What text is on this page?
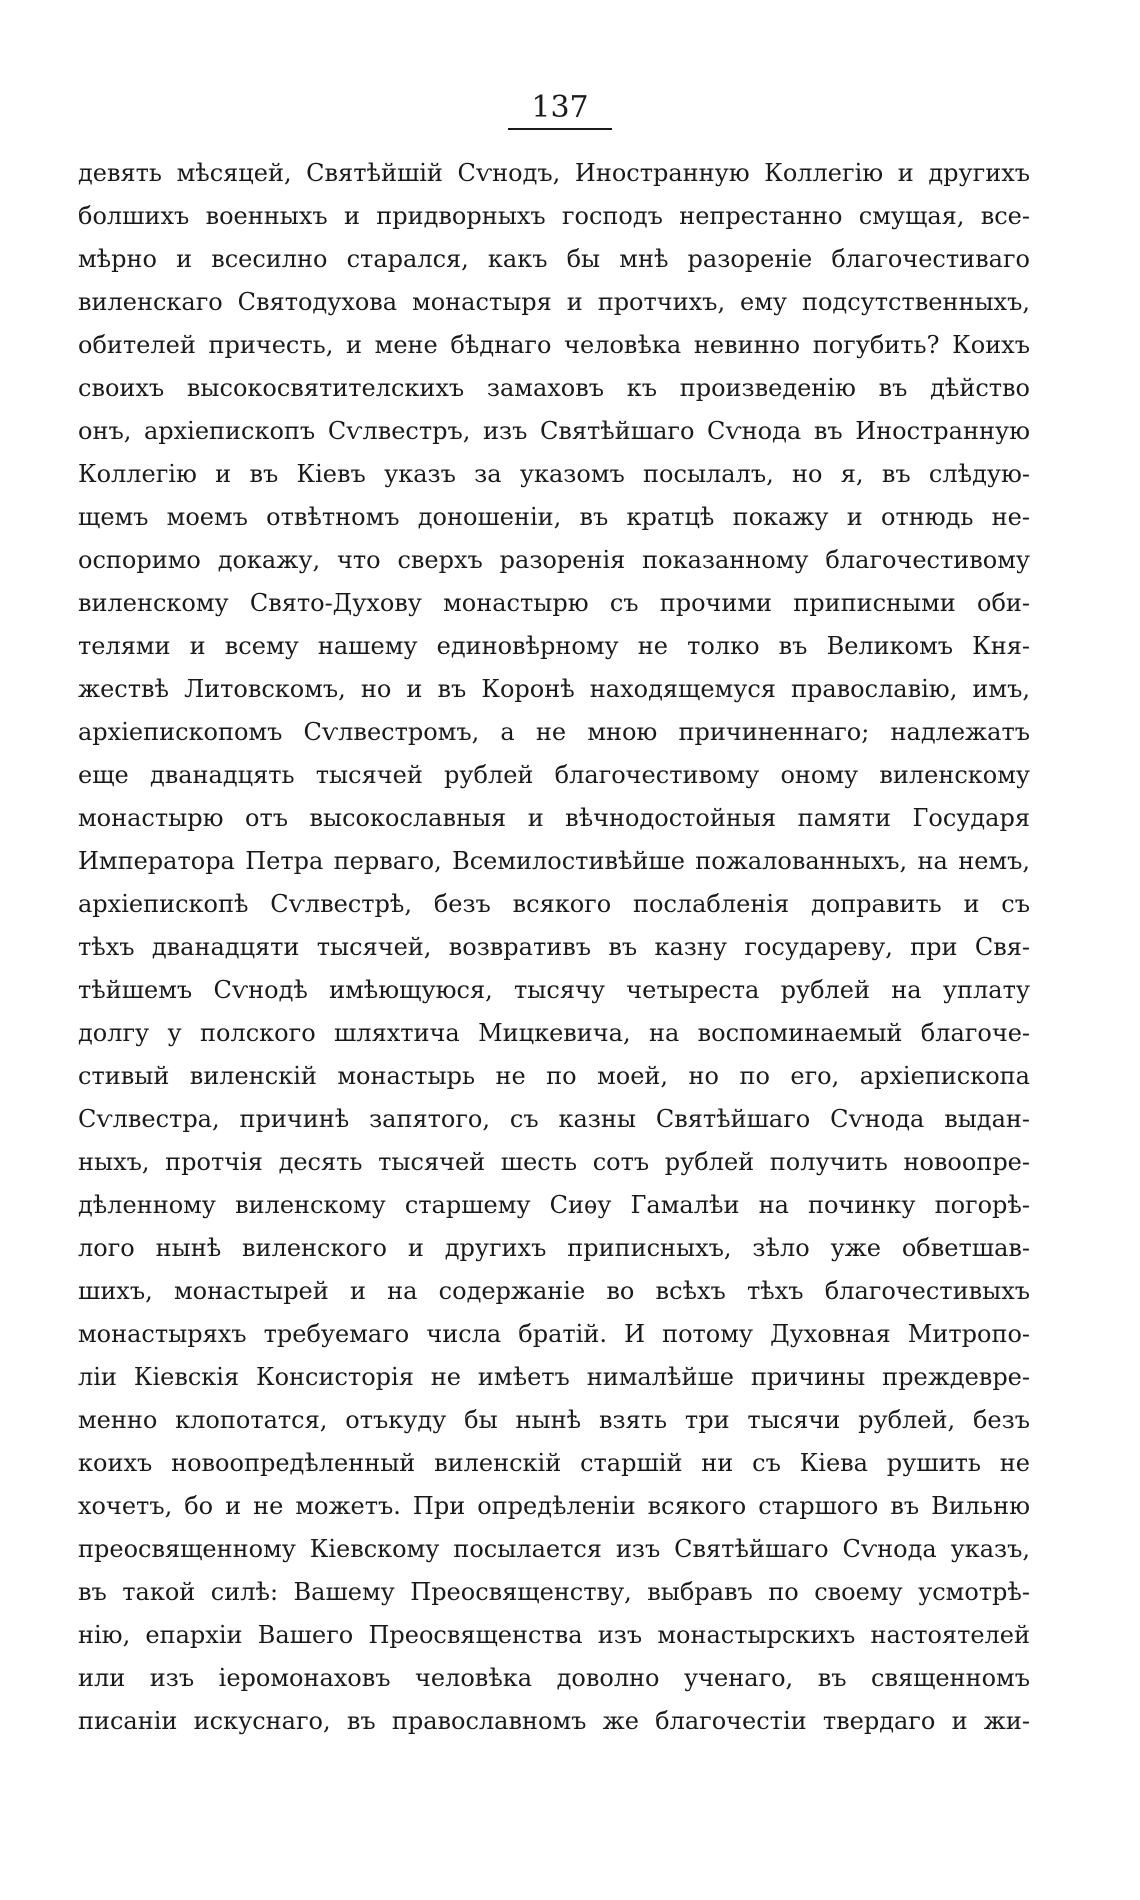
137
девять мѣсяцей, Святѣйшій Сѵнодъ, Иностранную Коллегію и другихъ
болшихъ военныхъ и придворныхъ господъ непрестанно смущая, все-
мѣрно и всесилно старался, какъ бы мнѣ разореніе благочестиваго
виленскаго Святодухова монастыря и протчихъ, ему подсутственныхъ,
обителей причесть, и мене бѣднаго человѣка невинно погубить? Коихъ
своихъ высокосвятителскихъ замаховъ къ произведенію въ дѣйство
онъ, архіепископъ Сѵлвестръ, изъ Святѣйшаго Сѵнода въ Иностранную
Коллегію и въ Кіевъ указъ за указомъ посылалъ, но я, въ слѣдую-
щемъ моемъ отвѣтномъ доношеніи, въ кратцѣ покажу и отнюдь не-
оспоримо докажу, что сверхъ разоренія показанному благочестивому
виленскому Свято-Духову монастырю съ прочими приписными оби-
телями и всему нашему единовѣрному не толко въ Великомъ Кня-
жествѣ Литовскомъ, но и въ Коронѣ находящемуся православію, имъ,
архіепископомъ Сѵлвестромъ, а не мною причиненнаго; надлежатъ
еще дванадцять тысячей рублей благочестивому оному виленскому
монастырю отъ высокославныя и вѣчнодостойныя памяти Государя
Императора Петра перваго, Всемилостивѣйше пожалованныхъ, на немъ,
архіепископѣ Сѵлвестрѣ, безъ всякого послабленія доправить и съ
тѣхъ дванадцяти тысячей, возвративъ въ казну государеву, при Свя-
тѣйшемъ Сѵнодѣ имѣющуюся, тысячу четыреста рублей на уплату
долгу у полского шляхтича Мицкевича, на воспоминаемый благоче-
стивый виленскій монастырь не по моей, но по его, архіепископа
Сѵлвестра, причинѣ запятого, съ казны Святѣйшаго Сѵнода выдан-
ныхъ, протчія десять тысячей шесть сотъ рублей получить новоопре-
дѣленному виленскому старшему Сиѳу Гамалѣи на починку погорѣ-
лого нынѣ виленского и другихъ приписныхъ, зѣло уже обветшав-
шихъ, монастырей и на содержаніе во всѣхъ тѣхъ благочестивыхъ
монастыряхъ требуемаго числа братій. И потому Духовная Митропо-
ліи Кіевскія Консисторія не имѣетъ нималѣйше причины преждевре-
менно клопотатся, отъкуду бы нынѣ взять три тысячи рублей, безъ
коихъ новоопредѣленный виленскій старшій ни съ Кіева рушить не
хочетъ, бо и не можетъ. При опредѣленіи всякого старшого въ Вильню
преосвященному Кіевскому посылается изъ Святѣйшаго Сѵнода указъ,
въ такой силѣ: Вашему Преосвященству, выбравъ по своему усмотрѣ-
нію, епархіи Вашего Преосвященства изъ монастырскихъ настоятелей
или изъ іеромонаховъ человѣка доволно ученаго, въ священномъ
писаніи искуснаго, въ православномъ же благочестіи твердаго и жи-
